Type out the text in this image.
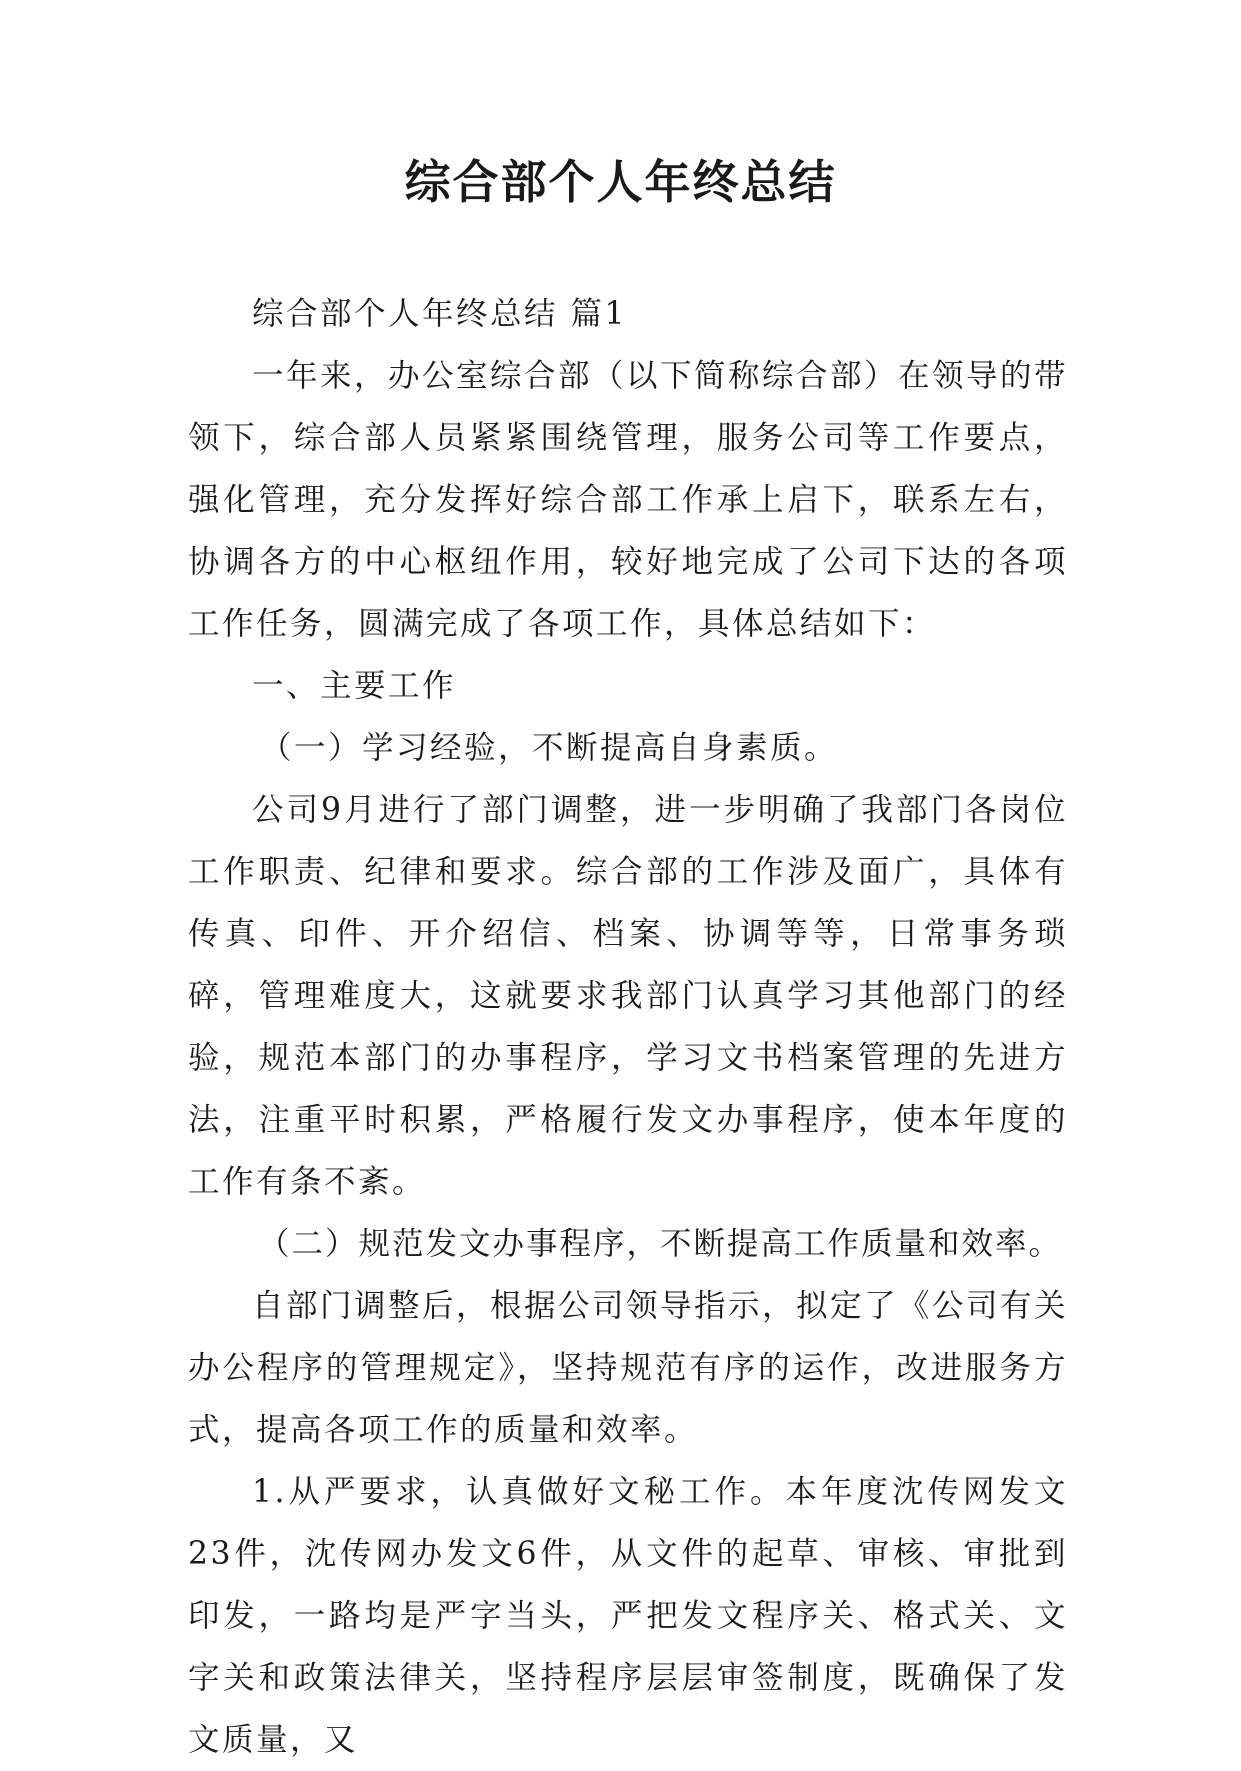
综合部个人年终总结

综合部个人年终总结 篇1

一年来，办公室综合部（以下简称综合部）在领导的带领下，综合部人员紧紧围绕管理，服务公司等工作要点，强化管理，充分发挥好综合部工作承上启下，联系左右，协调各方的中心枢纽作用，较好地完成了公司下达的各项工作任务，圆满完成了各项工作，具体总结如下：

一、主要工作

（一）学习经验，不断提高自身素质。

公司9月进行了部门调整，进一步明确了我部门各岗位工作职责、纪律和要求。综合部的工作涉及面广，具体有传真、印件、开介绍信、档案、协调等等，日常事务琐碎，管理难度大，这就要求我部门认真学习其他部门的经验，规范本部门的办事程序，学习文书档案管理的先进方法，注重平时积累，严格履行发文办事程序，使本年度的工作有条不紊。

（二）规范发文办事程序，不断提高工作质量和效率。

自部门调整后，根据公司领导指示，拟定了《公司有关办公程序的管理规定》，坚持规范有序的运作，改进服务方式，提高各项工作的质量和效率。

1.从严要求，认真做好文秘工作。本年度沈传网发文23件，沈传网办发文6件，从文件的起草、审核、审批到印发，一路均是严字当头，严把发文程序关、格式关、文字关和政策法律关，坚持程序层层审签制度，既确保了发文质量，又
